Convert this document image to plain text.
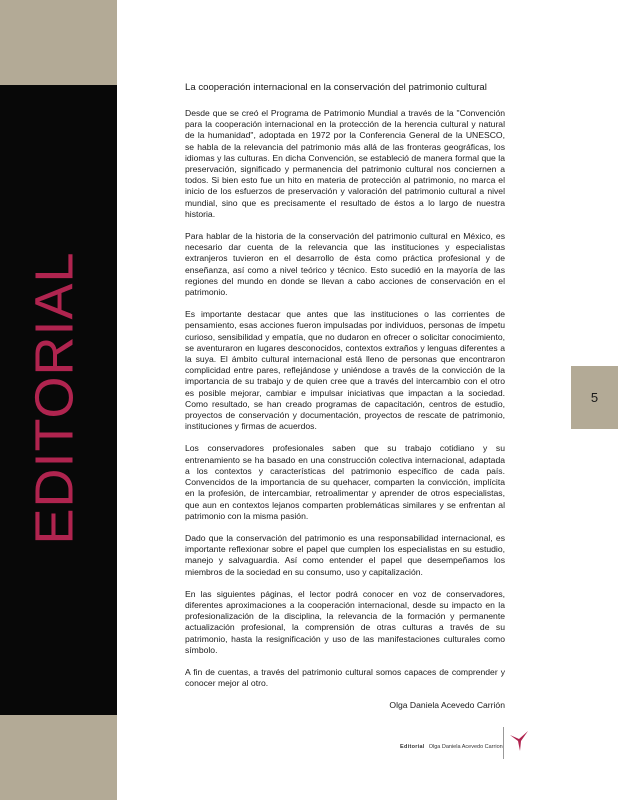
EDITORIAL	5
La cooperación internacional en la conservación del patrimonio cultural

Desde que se creó el Programa de Patrimonio Mundial a través de la "Convención para la cooperación internacional en la protección de la herencia cultural y natural de la humanidad", adoptada en 1972 por la Conferencia General de la UNESCO, se habla de la relevancia del patrimonio más allá de las fronteras geográficas, los idiomas y las culturas. En dicha Convención, se estableció de manera formal que la preservación, significado y permanencia del patrimonio cultural nos conciernen a todos. Si bien esto fue un hito en materia de protección al patrimonio, no marca el inicio de los esfuerzos de preservación y valoración del patrimonio cultural a nivel mundial, sino que es precisamente el resultado de éstos a lo largo de nuestra historia.

Para hablar de la historia de la conservación del patrimonio cultural en México, es necesario dar cuenta de la relevancia que las instituciones y especialistas extranjeros tuvieron en el desarrollo de ésta como práctica profesional y de enseñanza, así como a nivel teórico y técnico. Esto sucedió en la mayoría de las regiones del mundo en donde se llevan a cabo acciones de conservación en el patrimonio.

Es importante destacar que antes que las instituciones o las corrientes de pensamiento, esas acciones fueron impulsadas por individuos, personas de ímpetu curioso, sensibilidad y empatía, que no dudaron en ofrecer o solicitar conocimiento, se aventuraron en lugares desconocidos, contextos extraños y lenguas diferentes a la suya. El ámbito cultural internacional está lleno de personas que encontraron complicidad entre pares, reflejándose y uniéndose a través de la convicción de la importancia de su trabajo y de quien cree que a través del intercambio con el otro es posible mejorar, cambiar e impulsar iniciativas que impactan a la sociedad. Como resultado, se han creado programas de capacitación, centros de estudio, proyectos de conservación y documentación, proyectos de rescate de patrimonio, instituciones y firmas de acuerdos.

Los conservadores profesionales saben que su trabajo cotidiano y su entrenamiento se ha basado en una construcción colectiva internacional, adaptada a los contextos y características del patrimonio específico de cada país. Convencidos de la importancia de su quehacer, comparten la convicción, implícita en la profesión, de intercambiar, retroalimentar y aprender de otros especialistas, que aun en contextos lejanos comparten problemáticas similares y se enfrentan al patrimonio con la misma pasión.

Dado que la conservación del patrimonio es una responsabilidad internacional, es importante reflexionar sobre el papel que cumplen los especialistas en su estudio, manejo y salvaguardia. Así como entender el papel que desempeñamos los miembros de la sociedad en su consumo, uso y capitalización.

En las siguientes páginas, el lector podrá conocer en voz de conservadores, diferentes aproximaciones a la cooperación internacional, desde su impacto en la profesionalización de la disciplina, la relevancia de la formación y permanente actualización profesional, la comprensión de otras culturas a través de su patrimonio, hasta la resignificación y uso de las manifestaciones culturales como símbolo.

A fin de cuentas, a través del patrimonio cultural somos capaces de comprender y conocer mejor al otro.

Olga Daniela Acevedo Carrión
Editorial Olga Daniela Acevedo Carrion
